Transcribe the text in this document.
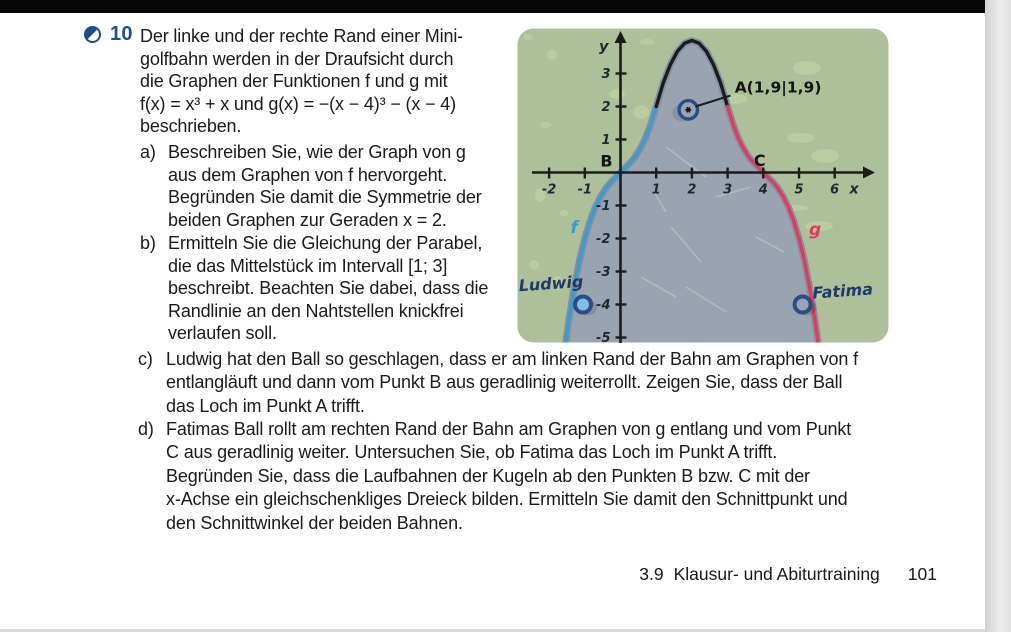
10 Der linke und der rechte Rand einer Mini-
golfbahn werden in der Draufsicht durch
die Graphen der Funktionen f und g mit
f(x) = x³ + x und g(x) = −(x − 4)³ − (x − 4)
beschrieben.
a) Beschreiben Sie, wie der Graph von g
aus dem Graphen von f hervorgeht.
Begründen Sie damit die Symmetrie der
beiden Graphen zur Geraden x = 2.
b) Ermitteln Sie die Gleichung der Parabel,
die das Mittelstück im Intervall [1; 3]
beschreibt. Beachten Sie dabei, dass die
Randlinie an den Nahtstellen knickfrei
verlaufen soll.
c) Ludwig hat den Ball so geschlagen, dass er am linken Rand der Bahn am Graphen von f
entlangläuft und dann vom Punkt B aus geradlinig weiterrollt. Zeigen Sie, dass der Ball
das Loch im Punkt A trifft.
d) Fatimas Ball rollt am rechten Rand der Bahn am Graphen von g entlang und vom Punkt
C aus geradlinig weiter. Untersuchen Sie, ob Fatima das Loch im Punkt A trifft.
Begründen Sie, dass die Laufbahnen der Kugeln ab den Punkten B bzw. C mit der
x-Achse ein gleichschenkliges Dreieck bilden. Ermitteln Sie damit den Schnittpunkt und
den Schnittwinkel der beiden Bahnen.
-2 -1	1 2 3 4 5 6
3
2
1
-1
-2
-3
-4
-5
x
y
A(1,9|1,9)
B	C
f	g
Ludwig	Fatima
3.9 Klausur- und Abiturtraining 101
